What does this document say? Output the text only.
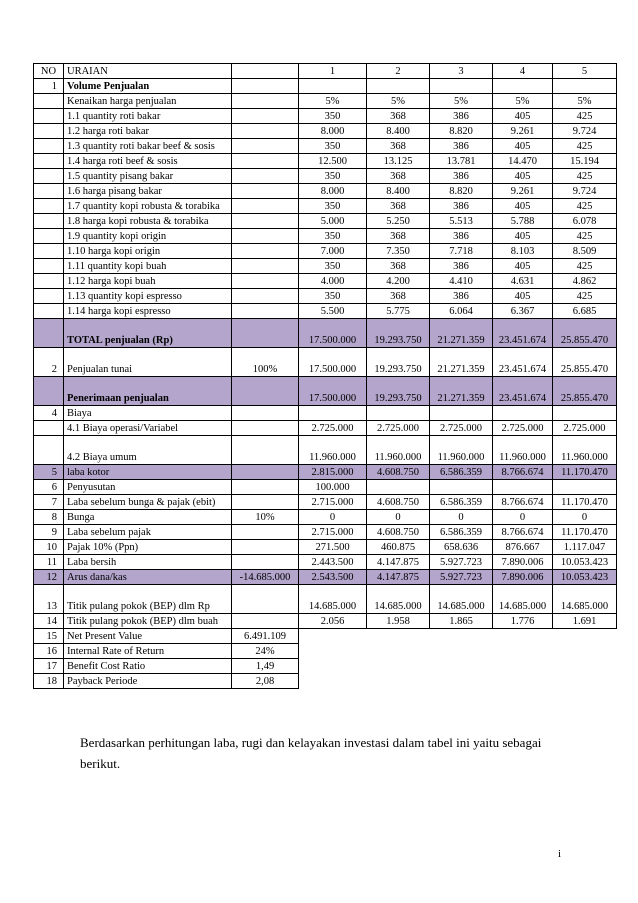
NO	URAIAN		1	2	3	4	5
1	Volume Penjualan						
	Kenaikan harga penjualan		5%	5%	5%	5%	5%
	1.1 quantity roti bakar		350	368	386	405	425
	1.2 harga roti bakar		8.000	8.400	8.820	9.261	9.724
	1.3 quantity roti bakar beef & sosis		350	368	386	405	425
	1.4 harga roti beef & sosis		12.500	13.125	13.781	14.470	15.194
	1.5 quantity pisang bakar		350	368	386	405	425
	1.6 harga pisang bakar		8.000	8.400	8.820	9.261	9.724
	1.7 quantity kopi robusta & torabika		350	368	386	405	425
	1.8 harga kopi robusta & torabika		5.000	5.250	5.513	5.788	6.078
	1.9 quantity kopi origin		350	368	386	405	425
	1.10 harga kopi origin		7.000	7.350	7.718	8.103	8.509
	1.11 quantity kopi buah		350	368	386	405	425
	1.12 harga kopi buah		4.000	4.200	4.410	4.631	4.862
	1.13 quantity kopi espresso		350	368	386	405	425
	1.14 harga kopi espresso		5.500	5.775	6.064	6.367	6.685
	TOTAL penjualan (Rp)		17.500.000	19.293.750	21.271.359	23.451.674	25.855.470
2	Penjualan tunai	100%	17.500.000	19.293.750	21.271.359	23.451.674	25.855.470
	Penerimaan penjualan		17.500.000	19.293.750	21.271.359	23.451.674	25.855.470
4	Biaya						
	4.1 Biaya operasi/Variabel		2.725.000	2.725.000	2.725.000	2.725.000	2.725.000
	4.2 Biaya umum		11.960.000	11.960.000	11.960.000	11.960.000	11.960.000
5	laba kotor		2.815.000	4.608.750	6.586.359	8.766.674	11.170.470
6	Penyusutan		100.000				
7	Laba sebelum bunga & pajak (ebit)		2.715.000	4.608.750	6.586.359	8.766.674	11.170.470
8	Bunga	10%	0	0	0	0	0
9	Laba sebelum pajak		2.715.000	4.608.750	6.586.359	8.766.674	11.170.470
10	Pajak 10% (Ppn)		271.500	460.875	658.636	876.667	1.117.047
11	Laba bersih		2.443.500	4.147.875	5.927.723	7.890.006	10.053.423
12	Arus dana/kas	-14.685.000	2.543.500	4.147.875	5.927.723	7.890.006	10.053.423
13	Titik pulang pokok (BEP) dlm Rp		14.685.000	14.685.000	14.685.000	14.685.000	14.685.000
14	Titik pulang pokok (BEP) dlm buah		2.056	1.958	1.865	1.776	1.691
15	Net Present Value	6.491.109					
16	Internal Rate of Return	24%					
17	Benefit Cost Ratio	1,49					
18	Payback Periode	2,08					
Berdasarkan perhitungan laba, rugi dan kelayakan investasi dalam tabel ini yaitu sebagai berikut.
i
